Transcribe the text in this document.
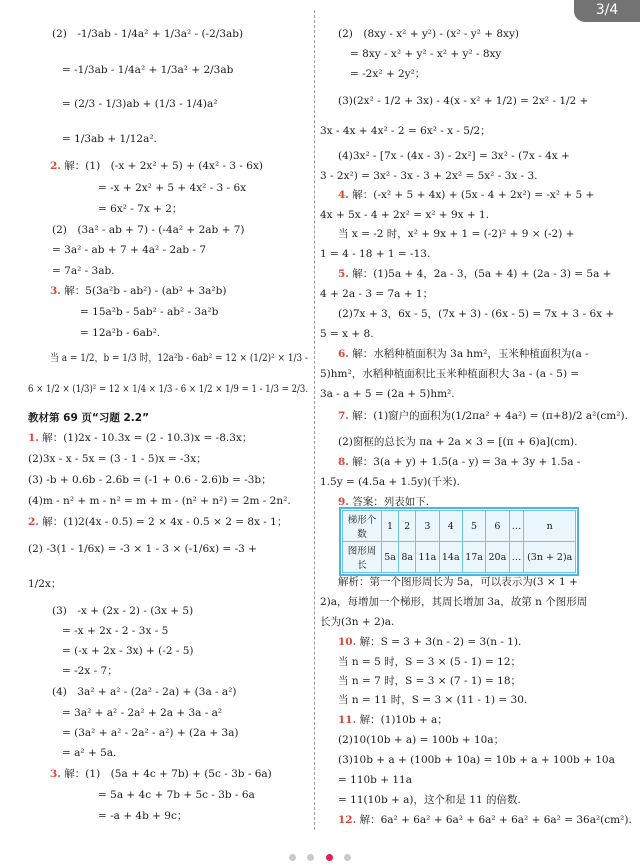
3/4
(2)　-1/3ab - 1/4a² + 1/3a² - (-2/3ab)
= -1/3ab - 1/4a² + 1/3a² + 2/3ab
= (2/3 - 1/3)ab + (1/3 - 1/4)a²
= 1/3ab + 1/12a².
2. 解：(1)　(-x + 2x² + 5) + (4x² - 3 - 6x)
= -x + 2x² + 5 + 4x² - 3 - 6x
= 6x² - 7x + 2；
(2)　(3a² - ab + 7) - (-4a² + 2ab + 7)
= 3a² - ab + 7 + 4a² - 2ab - 7
= 7a² - 3ab.
3. 解：5(3a²b - ab²) - (ab² + 3a²b)
= 15a²b - 5ab² - ab² - 3a²b
= 12a²b - 6ab².
当 a = 1/2，b = 1/3 时，12a²b - 6ab² = 12 × (1/2)² × 1/3 -
6 × 1/2 × (1/3)² = 12 × 1/4 × 1/3 - 6 × 1/2 × 1/9 = 1 - 1/3 = 2/3.
教材第 69 页“习题 2.2”
1. 解：(1)2x - 10.3x = (2 - 10.3)x = -8.3x；
(2)3x - x - 5x = (3 - 1 - 5)x = -3x；
(3) -b + 0.6b - 2.6b = (-1 + 0.6 - 2.6)b = -3b；
(4)m - n² + m - n² = m + m - (n² + n²) = 2m - 2n².
2. 解：(1)2(4x - 0.5) = 2 × 4x - 0.5 × 2 = 8x - 1；
(2) -3(1 - 1/6x) = -3 × 1 - 3 × (-1/6x) = -3 +
1/2x；
(3)　-x + (2x - 2) - (3x + 5)
= -x + 2x - 2 - 3x - 5
= (-x + 2x - 3x) + (-2 - 5)
= -2x - 7；
(4)　3a² + a² - (2a² - 2a) + (3a - a²)
= 3a² + a² - 2a² + 2a + 3a - a²
= (3a² + a² - 2a² - a²) + (2a + 3a)
= a² + 5a.
3. 解：(1)　(5a + 4c + 7b) + (5c - 3b - 6a)
= 5a + 4c + 7b + 5c - 3b - 6a
= -a + 4b + 9c；
(2)　(8xy - x² + y²) - (x² - y² + 8xy)
= 8xy - x² + y² - x² + y² - 8xy
= -2x² + 2y²；
(3)(2x² - 1/2 + 3x) - 4(x - x² + 1/2) = 2x² - 1/2 +
3x - 4x + 4x² - 2 = 6x² - x - 5/2；
(4)3x² - [7x - (4x - 3) - 2x²] = 3x² - (7x - 4x +
3 - 2x²) = 3x² - 3x - 3 + 2x² = 5x² - 3x - 3.
4. 解：(-x² + 5 + 4x) + (5x - 4 + 2x²) = -x² + 5 +
4x + 5x - 4 + 2x² = x² + 9x + 1.
当 x = -2 时，x² + 9x + 1 = (-2)² + 9 × (-2) +
1 = 4 - 18 + 1 = -13.
5. 解：(1)5a + 4，2a - 3，(5a + 4) + (2a - 3) = 5a +
4 + 2a - 3 = 7a + 1；
(2)7x + 3，6x - 5，(7x + 3) - (6x - 5) = 7x + 3 - 6x +
5 = x + 8.
6. 解：水稻种植面积为 3a hm²，玉米种植面积为(a -
5)hm²，水稻种植面积比玉米种植面积大 3a - (a - 5) =
3a - a + 5 = (2a + 5)hm².
7. 解：(1)窗户的面积为(1/2πa² + 4a²) = (π+8)/2 a²(cm²).
(2)窗框的总长为 πa + 2a × 3 = [(π + 6)a](cm).
8. 解：3(a + y) + 1.5(a - y) = 3a + 3y + 1.5a -
1.5y = (4.5a + 1.5y)(千米).
9. 答案：列表如下.
解析：第一个图形周长为 5a，可以表示为(3 × 1 +
2)a，每增加一个梯形，其周长增加 3a，故第 n 个图形周
长为(3n + 2)a.
10. 解：S = 3 + 3(n - 2) = 3(n - 1).
当 n = 5 时，S = 3 × (5 - 1) = 12；
当 n = 7 时，S = 3 × (7 - 1) = 18；
当 n = 11 时，S = 3 × (11 - 1) = 30.
11. 解：(1)10b + a；
(2)10(10b + a) = 100b + 10a；
(3)10b + a + (100b + 10a) = 10b + a + 100b + 10a
= 110b + 11a
= 11(10b + a)，这个和是 11 的倍数.
12. 解：6a² + 6a² + 6a² + 6a² + 6a² + 6a² = 36a²(cm²).
梯形个数	1	2	3	4	5	6	…	n
图形周长	5a	8a	11a	14a	17a	20a	…	(3n + 2)a
